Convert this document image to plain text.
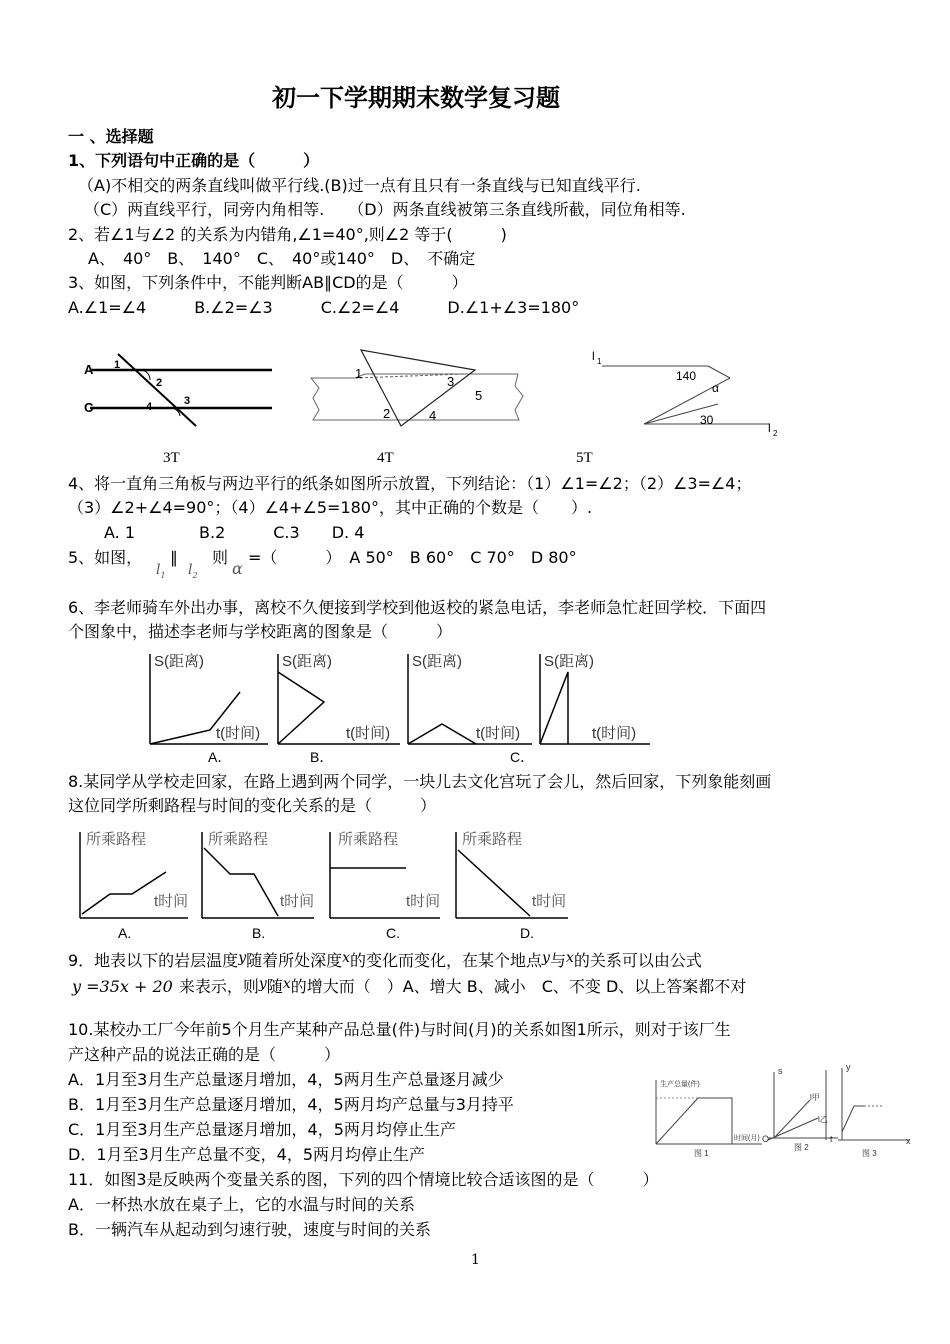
初一下学期期末数学复习题
一 、选择题
1、下列语句中正确的是（　　　）
（A)不相交的两条直线叫做平行线.(B)过一点有且只有一条直线与已知直线平行.
（C）两直线平行，同旁内角相等.　　（D）两条直线被第三条直线所截，同位角相等.
2、若∠1与∠2 的关系为内错角,∠1=40°,则∠2 等于(　　　)
A、　40°　B、　140°　C、　40°或140°　D、　不确定
3、如图，下列条件中，不能判断AB∥CD的是（　　　）
A.∠1=∠4　　　B.∠2=∠3　　　C.∠2=∠4　　　D.∠1+∠3=180°
A
C
1
2
3
4
3T
1
2
3
4
5
4T
l 1
l 2
140
α
30
5T
4、将一直角三角板与两边平行的纸条如图所示放置，下列结论：（1）∠1=∠2；（2）∠3=∠4；
（3）∠2+∠4=90°；（4）∠4+∠5=180°，其中正确的个数是（　　）.
A. 1　　　　B.2　　　C.3　　D. 4
5、如图，
$l_1$
∥
$l_2$
则
α
=（　　　）　A 50°　B 60°　C 70°　D 80°
6、李老师骑车外出办事，离校不久便接到学校到他返校的紧急电话，李老师急忙赶回学校．下面四
个图象中，描述李老师与学校距离的图象是（　　　）
S(距离)
t(时间)
S(距离)
t(时间)
S(距离)
t(时间)
S(距离)
t(时间)
A．	B．	C．
8.某同学从学校走回家，在路上遇到两个同学，一块儿去文化宫玩了会儿，然后回家，下列象能刻画
这位同学所剩路程与时间的变化关系的是（　　　）
所乘路程
t时间
所乘路程
t时间
所乘路程
t时间
所乘路程
t时间
A.	B.	C.	D.
9．地表以下的岩层温度y随着所处深度x的变化而变化，在某个地点y与x的关系可以由公式
y =35x + 20 来表示，则y随x的增大而（　）A、增大 B、减小　C、不变 D、以上答案都不对
10.某校办工厂今年前5个月生产某种产品总量(件)与时间(月)的关系如图1所示，则对于该厂生
产这种产品的说法正确的是（　　　）
A．1月至3月生产总量逐月增加，4，5两月生产总量逐月减少
B．1月至3月生产总量逐月增加，4，5两月均产总量与3月持平
C．1月至3月生产总量逐月增加，4，5两月均停止生产
D．1月至3月生产总量不变，4，5两月均停止生产
生产总量(件)
时间(月)
图 1
s
l甲
l乙
O	t
图 2
y
x
图 3
11．如图3是反映两个变量关系的图，下列的四个情境比较合适该图的是（　　　）
A．一杯热水放在桌子上，它的水温与时间的关系
B．一辆汽车从起动到匀速行驶，速度与时间的关系
1
